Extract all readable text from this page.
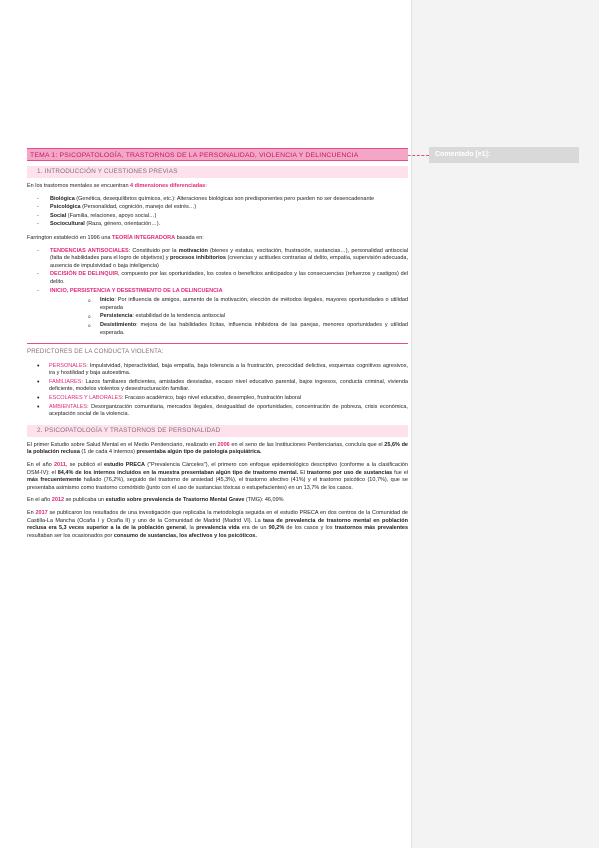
Comentado [e1]:
TEMA 1: PSICOPATOLOGÍA, TRASTORNOS DE LA PERSONALIDAD, VIOLENCIA Y DELINCUENCIA
1. INTRODUCCIÓN Y CUESTIONES PREVIAS

En los trastornos mentales se encuentran 4 dimensiones diferenciadas:

- Biológica (Genética, desequilibrios químicos, etc.): Alteraciones biológicas son predisponentes pero pueden no ser desencadenante
- Psicológica (Personalidad, cognición, manejo del estrés…)
- Social (Familia, relaciones, apoyo social…)
- Sociocultural (Raza, género, orientación…).

Farrington estableció en 1996 una TEORÍA INTEGRADORA basada en:

- TENDENCIAS ANTISOCIALES: Constituido por la motivación (bienes y estatus, excitación, frustración, sustancias…), personalidad antisocial (falta de habilidades para el logro de objetivos) y procesos inhibitorios (creencias y actitudes contrarias al delito, empatía, supervisión adecuada, ausencia de impulsividad o baja inteligencia)
- DECISIÓN DE DELINQUIR, compuesto por las oportunidades, los costes o beneficios anticipados y las consecuencias (refuerzos y castigos) del delito.
- INICIO, PERSISTENCIA Y DESESTIMIENTO DE LA DELINCUENCIA
o Inicio: Por influencia de amigos, aumento de la motivación, elección de métodos ilegales, mayores oportunidades o utilidad esperada
o Persistencia: estabilidad de la tendencia antisocial
o Desistimiento: mejora de las habilidades lícitas, influencia inhibidora de las parejas, menores oportunidades y utilidad esperada.
PREDICTORES DE LA CONDUCTA VIOLENTA:
• PERSONALES: Impulsividad, hiperactividad, baja empatía, baja tolerancia a la frustración, precocidad delictiva, esquemas cognitivos agresivos, ira y hostilidad y baja autoestima.
• FAMILIARES: Lazos familiares deficientes, amistades desviadas, escaso nivel educativo parental, bajos ingresos, conducta criminal, vivienda deficiente, modelos violentos y desestructuración familiar.
• ESCOLARES Y LABORALES: Fracaso académico, bajo nivel educativo, desempleo, frustración laboral
• AMBIENTALES: Desorganización comunitaria, mercados ilegales, desigualdad de oportunidades, concentración de pobreza, crisis económica, aceptación social de la violencia.
2. PSICOPATOLOGÍA Y TRASTORNOS DE PERSONALIDAD

El primer Estudio sobre Salud Mental en el Medio Penitenciario, realizado en 2006 en el seno de las Instituciones Penitenciarias, concluía que el 25,6% de la población reclusa (1 de cada 4 internos) presentaba algún tipo de patología psiquiátrica.

En el año 2011, se publicó el estudio PRECA ("Prevalencia Cárceles"), el primero con enfoque epidemiológico descriptivo (conforme a la clasificación DSM-IV): el 84,4% de los internos incluidos en la muestra presentaban algún tipo de trastorno mental. El trastorno por uso de sustancias fue el más frecuentemente hallado (76,2%), seguido del trastorno de ansiedad (45,3%), el trastorno afectivo (41%) y el trastorno psicótico (10,7%), que se presentaba asimismo como trastorno comórbido (junto con el uso de sustancias tóxicas o estupefacientes) en un 13,7% de los casos.

En el año 2012 se publicaba un estudio sobre prevalencia de Trastorno Mental Grave (TMG): 46,09%

En 2017 se publicaron los resultados de una investigación que replicaba la metodología seguida en el estudio PRECA en dos centros de la Comunidad de Castilla-La Mancha (Ocaña I y Ocaña II) y uno de la Comunidad de Madrid (Madrid VI). La tasa de prevalencia de trastorno mental en población reclusa era 5,3 veces superior a la de la población general, la prevalencia vida era de un 90,2% de los casos y los trastornos más prevalentes resultaban ser los ocasionados por consumo de sustancias, los afectivos y los psicóticos.
